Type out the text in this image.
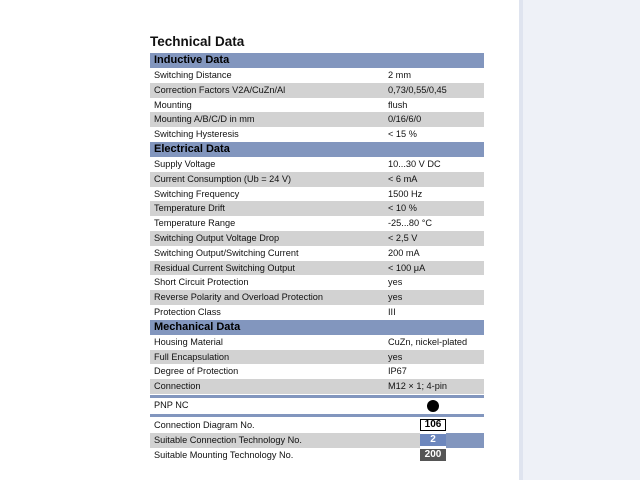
Technical Data
Inductive Data
Switching Distance	2 mm
Correction Factors V2A/CuZn/Al	0,73/0,55/0,45
Mounting	flush
Mounting A/B/C/D in mm	0/16/6/0
Switching Hysteresis	< 15 %
Electrical Data
Supply Voltage	10...30 V DC
Current Consumption (Ub = 24 V)	< 6 mA
Switching Frequency	1500 Hz
Temperature Drift	< 10 %
Temperature Range	-25...80 °C
Switching Output Voltage Drop	< 2,5 V
Switching Output/Switching Current	200 mA
Residual Current Switching Output	< 100 μA
Short Circuit Protection	yes
Reverse Polarity and Overload Protection	yes
Protection Class	III
Mechanical Data
Housing Material	CuZn, nickel-plated
Full Encapsulation	yes
Degree of Protection	IP67
Connection	M12 × 1; 4-pin
PNP NC
Connection Diagram No.	106
Suitable Connection Technology No.	2
Suitable Mounting Technology No.	200
